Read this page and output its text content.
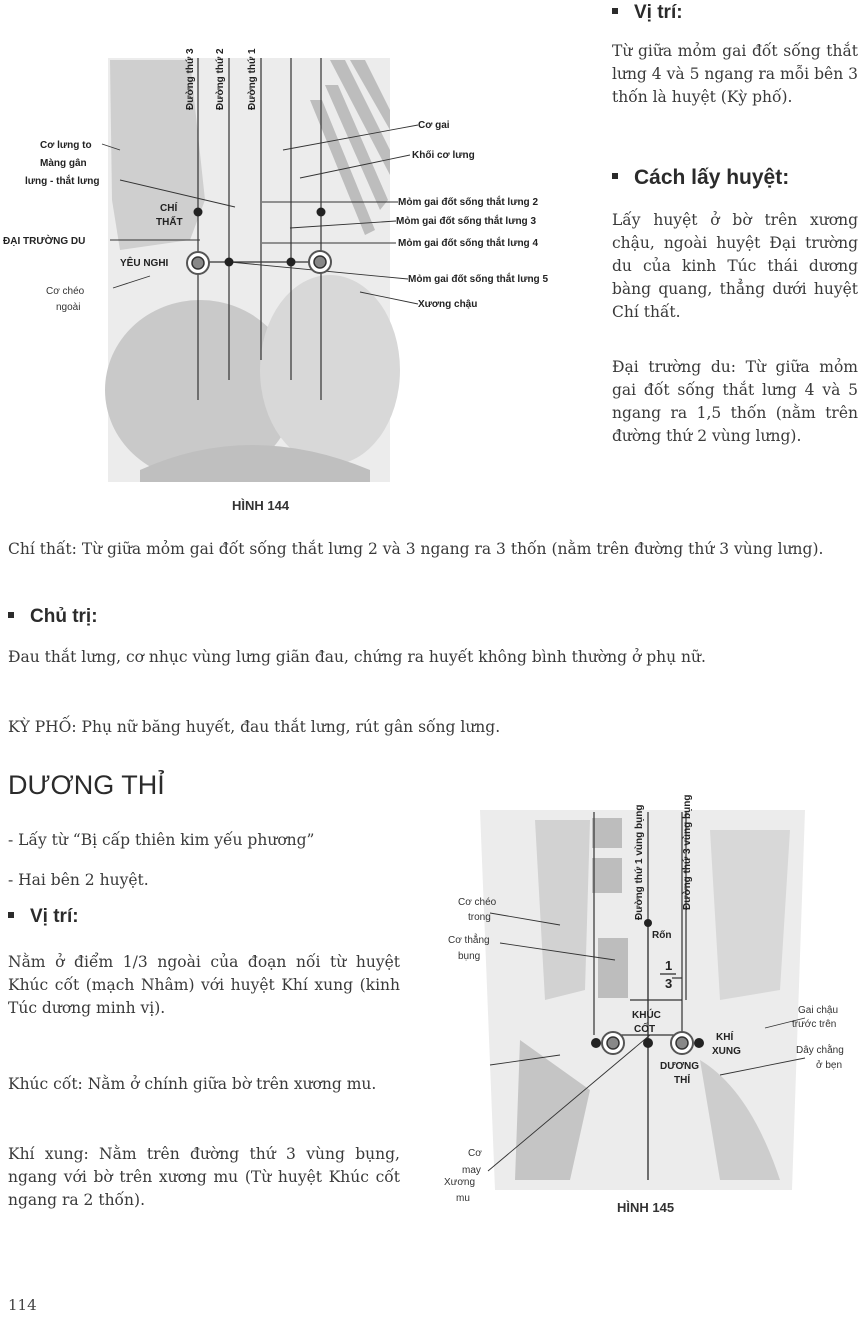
Đường thứ 3 Đường thứ 2 Đường thứ 1
Cơ lưng to
Màng gân
lưng - thắt lưng
CHÍ
THẤT
ĐẠI TRƯỜNG DU
YÊU NGHI
Cơ chéo
ngoài
Cơ gai
Khối cơ lưng
Mỏm gai đốt sống thắt lưng 2
Mỏm gai đốt sống thắt lưng 3
Mỏm gai đốt sống thắt lưng 4
Mỏm gai đốt sống thắt lưng 5
Xương chậu
HÌNH 144
Vị trí:

Từ giữa mỏm gai đốt sống thắt lưng 4 và 5 ngang ra mỗi bên 3 thốn là huyệt (Kỳ phố).

Cách lấy huyệt:

Lấy huyệt ở bờ trên xương chậu, ngoài huyệt Đại trường du của kinh Túc thái dương bàng quang, thẳng dưới huyệt Chí thất.

Đại trường du: Từ giữa mỏm gai đốt sống thắt lưng 4 và 5 ngang ra 1,5 thốn (nằm trên đường thứ 2 vùng lưng).

Chí thất: Từ giữa mỏm gai đốt sống thắt lưng 2 và 3 ngang ra 3 thốn (nằm trên đường thứ 3 vùng lưng).

Chủ trị:

Đau thắt lưng, cơ nhục vùng lưng giãn đau, chứng ra huyết không bình thường ở phụ nữ.

KỲ PHỐ: Phụ nữ băng huyết, đau thắt lưng, rút gân sống lưng.

DƯƠNG THỈ

- Lấy từ “Bị cấp thiên kim yếu phương”

- Hai bên 2 huyệt.

Vị trí:

Nằm ở điểm 1/3 ngoài của đoạn nối từ huyệt Khúc cốt (mạch Nhâm) với huyệt Khí xung (kinh Túc dương minh vị).

Khúc cốt: Nằm ở chính giữa bờ trên xương mu.

Khí xung: Nằm trên đường thứ 3 vùng bụng, ngang với bờ trên xương mu (Từ huyệt Khúc cốt ngang ra 2 thốn).

Đường thứ 1 vùng bụng	Đường thứ 3 vùng bụng
1
3
Cơ chéo
trong
Cơ thẳng
bụng
Rốn
Gai chậu
trước trên
Dây chằng
ở bẹn
KHÚC
CỐT
KHÍ
XUNG
DƯƠNG
THỈ
Cơ
may
Xương
mu
HÌNH 145
114
